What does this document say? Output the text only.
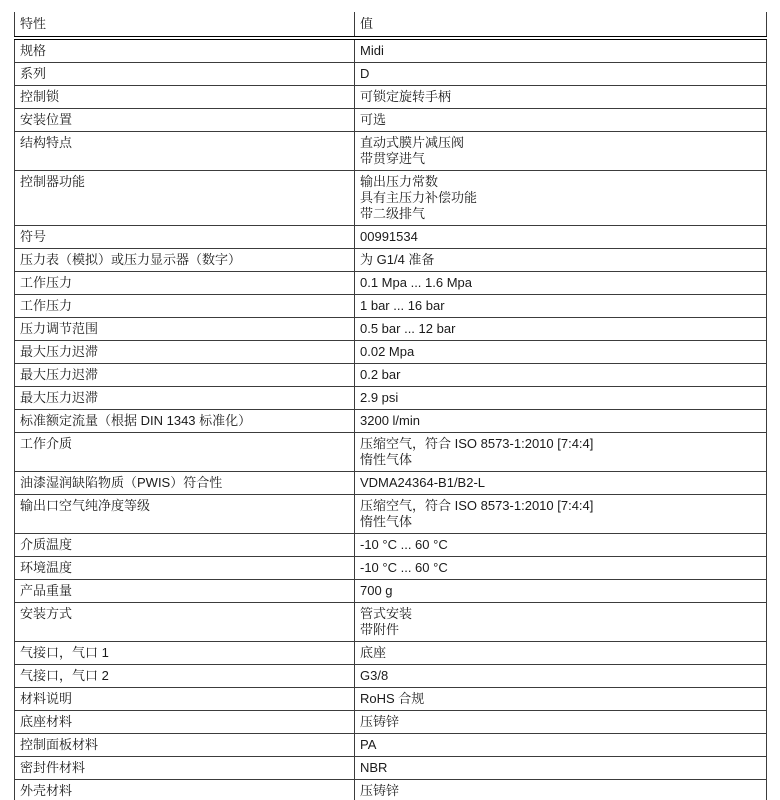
特性	值
规格	Midi

系列	D

控制锁	可锁定旋转手柄

安装位置	可选

结构特点	直动式膜片减压阀
带贯穿进气

控制器功能	输出压力常数
具有主压力补偿功能
带二级排气

符号	00991534

压力表（模拟）或压力显示器（数字）	为 G1/4 准备

工作压力	0.1 Mpa ... 1.6 Mpa

工作压力	1 bar ... 16 bar

压力调节范围	0.5 bar ... 12 bar

最大压力迟滞	0.02 Mpa

最大压力迟滞	0.2 bar

最大压力迟滞	2.9 psi

标准额定流量（根据 DIN 1343 标准化）	3200 l/min

工作介质	压缩空气，符合 ISO 8573-1:2010 [7:4:4]
惰性气体

油漆湿润缺陷物质（PWIS）符合性	VDMA24364-B1/B2-L

输出口空气纯净度等级	压缩空气，符合 ISO 8573-1:2010 [7:4:4]
惰性气体

介质温度	-10 °C ... 60 °C

环境温度	-10 °C ... 60 °C

产品重量	700 g

安装方式	管式安装
带附件

气接口，气口 1	底座

气接口，气口 2	G3/8

材料说明	RoHS 合规

底座材料	压铸锌

控制面板材料	PA

密封件材料	NBR

外壳材料	压铸锌
